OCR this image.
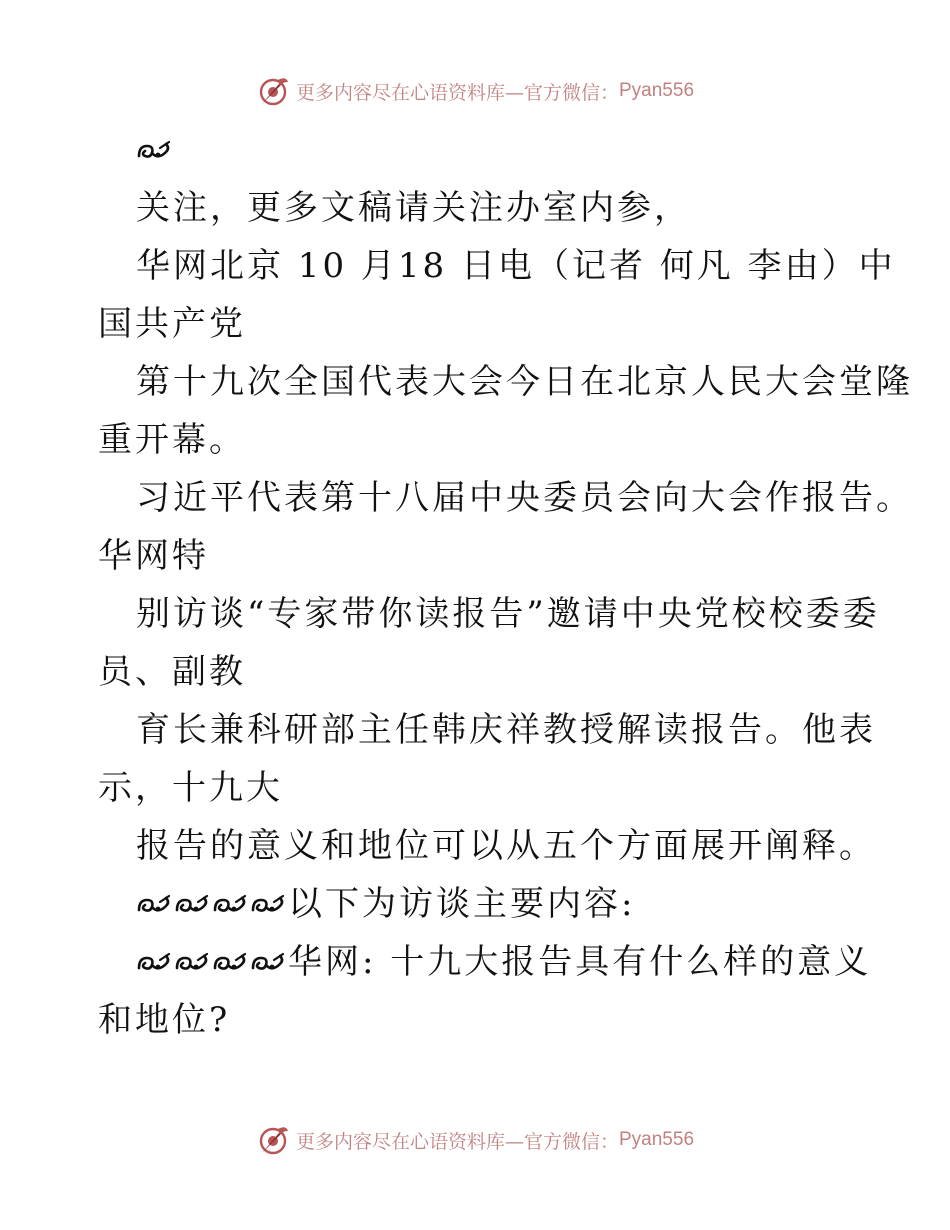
更多内容尽在心语资料库—官方微信： Pyan556
关注，更多文稿请关注办室内参，
华网北京 10 月18 日电（记者 何凡 李由）中
国共产党
第十九次全国代表大会今日在北京人民大会堂隆
重开幕。
习近平代表第十八届中央委员会向大会作报告。
华网特
别访谈“专家带你读报告”邀请中央党校校委委
员、副教
育长兼科研部主任韩庆祥教授解读报告。他表
示，十九大
报告的意义和地位可以从五个方面展开阐释。
以下为访谈主要内容:
华网: 十九大报告具有什么样的意义
和地位?
更多内容尽在心语资料库—官方微信： Pyan556
